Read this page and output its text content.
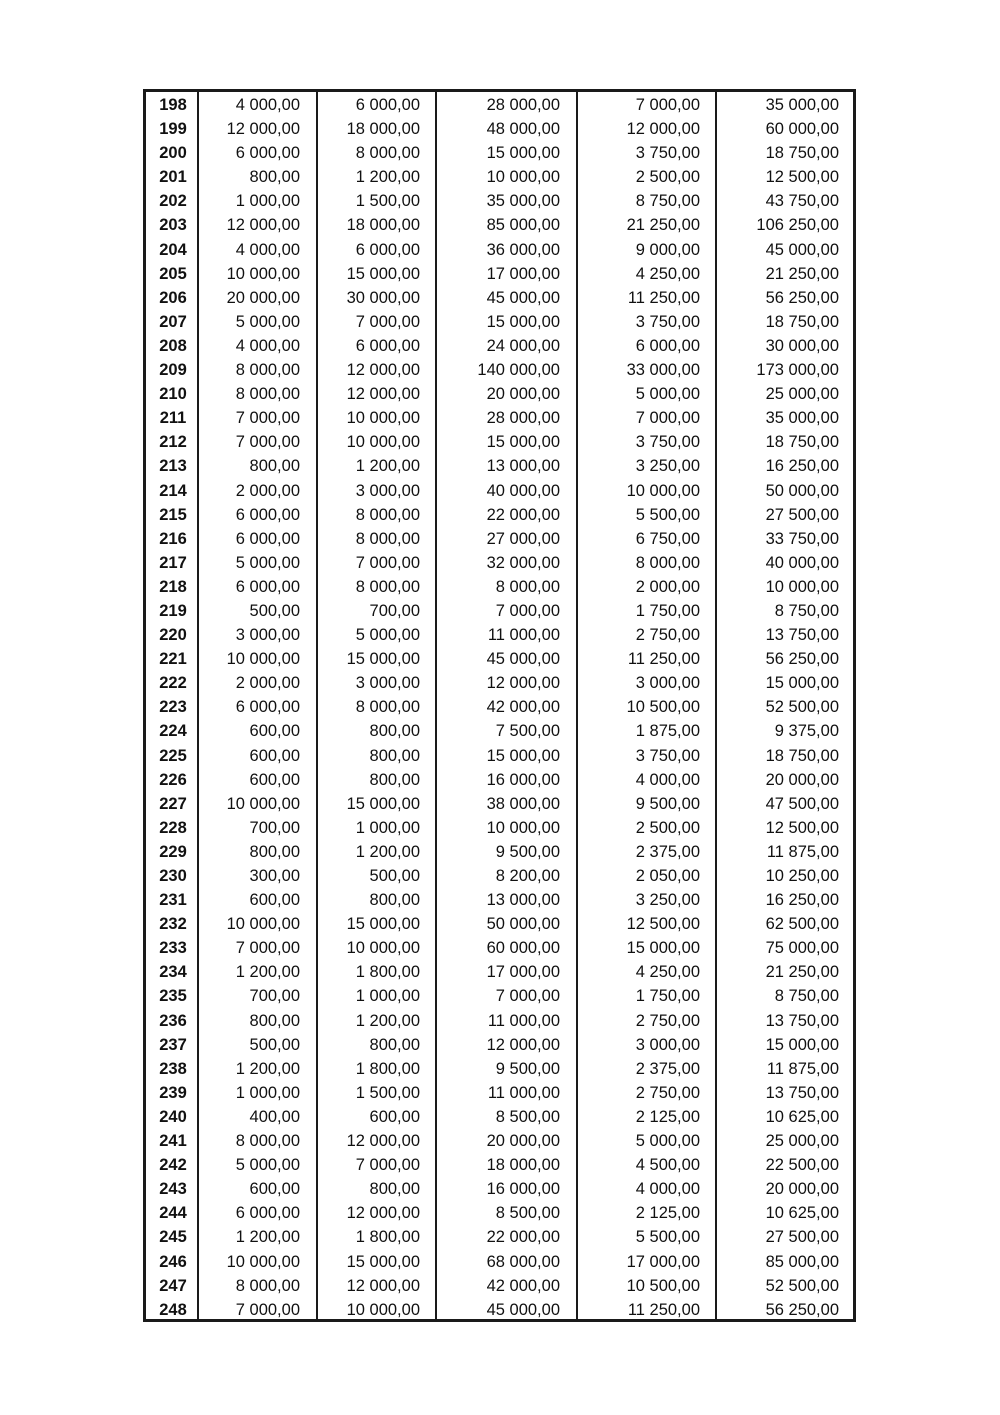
198	4 000,00	6 000,00	28 000,00	7 000,00	35 000,00
199	12 000,00	18 000,00	48 000,00	12 000,00	60 000,00
200	6 000,00	8 000,00	15 000,00	3 750,00	18 750,00
201	800,00	1 200,00	10 000,00	2 500,00	12 500,00
202	1 000,00	1 500,00	35 000,00	8 750,00	43 750,00
203	12 000,00	18 000,00	85 000,00	21 250,00	106 250,00
204	4 000,00	6 000,00	36 000,00	9 000,00	45 000,00
205	10 000,00	15 000,00	17 000,00	4 250,00	21 250,00
206	20 000,00	30 000,00	45 000,00	11 250,00	56 250,00
207	5 000,00	7 000,00	15 000,00	3 750,00	18 750,00
208	4 000,00	6 000,00	24 000,00	6 000,00	30 000,00
209	8 000,00	12 000,00	140 000,00	33 000,00	173 000,00
210	8 000,00	12 000,00	20 000,00	5 000,00	25 000,00
211	7 000,00	10 000,00	28 000,00	7 000,00	35 000,00
212	7 000,00	10 000,00	15 000,00	3 750,00	18 750,00
213	800,00	1 200,00	13 000,00	3 250,00	16 250,00
214	2 000,00	3 000,00	40 000,00	10 000,00	50 000,00
215	6 000,00	8 000,00	22 000,00	5 500,00	27 500,00
216	6 000,00	8 000,00	27 000,00	6 750,00	33 750,00
217	5 000,00	7 000,00	32 000,00	8 000,00	40 000,00
218	6 000,00	8 000,00	8 000,00	2 000,00	10 000,00
219	500,00	700,00	7 000,00	1 750,00	8 750,00
220	3 000,00	5 000,00	11 000,00	2 750,00	13 750,00
221	10 000,00	15 000,00	45 000,00	11 250,00	56 250,00
222	2 000,00	3 000,00	12 000,00	3 000,00	15 000,00
223	6 000,00	8 000,00	42 000,00	10 500,00	52 500,00
224	600,00	800,00	7 500,00	1 875,00	9 375,00
225	600,00	800,00	15 000,00	3 750,00	18 750,00
226	600,00	800,00	16 000,00	4 000,00	20 000,00
227	10 000,00	15 000,00	38 000,00	9 500,00	47 500,00
228	700,00	1 000,00	10 000,00	2 500,00	12 500,00
229	800,00	1 200,00	9 500,00	2 375,00	11 875,00
230	300,00	500,00	8 200,00	2 050,00	10 250,00
231	600,00	800,00	13 000,00	3 250,00	16 250,00
232	10 000,00	15 000,00	50 000,00	12 500,00	62 500,00
233	7 000,00	10 000,00	60 000,00	15 000,00	75 000,00
234	1 200,00	1 800,00	17 000,00	4 250,00	21 250,00
235	700,00	1 000,00	7 000,00	1 750,00	8 750,00
236	800,00	1 200,00	11 000,00	2 750,00	13 750,00
237	500,00	800,00	12 000,00	3 000,00	15 000,00
238	1 200,00	1 800,00	9 500,00	2 375,00	11 875,00
239	1 000,00	1 500,00	11 000,00	2 750,00	13 750,00
240	400,00	600,00	8 500,00	2 125,00	10 625,00
241	8 000,00	12 000,00	20 000,00	5 000,00	25 000,00
242	5 000,00	7 000,00	18 000,00	4 500,00	22 500,00
243	600,00	800,00	16 000,00	4 000,00	20 000,00
244	6 000,00	12 000,00	8 500,00	2 125,00	10 625,00
245	1 200,00	1 800,00	22 000,00	5 500,00	27 500,00
246	10 000,00	15 000,00	68 000,00	17 000,00	85 000,00
247	8 000,00	12 000,00	42 000,00	10 500,00	52 500,00
248	7 000,00	10 000,00	45 000,00	11 250,00	56 250,00
